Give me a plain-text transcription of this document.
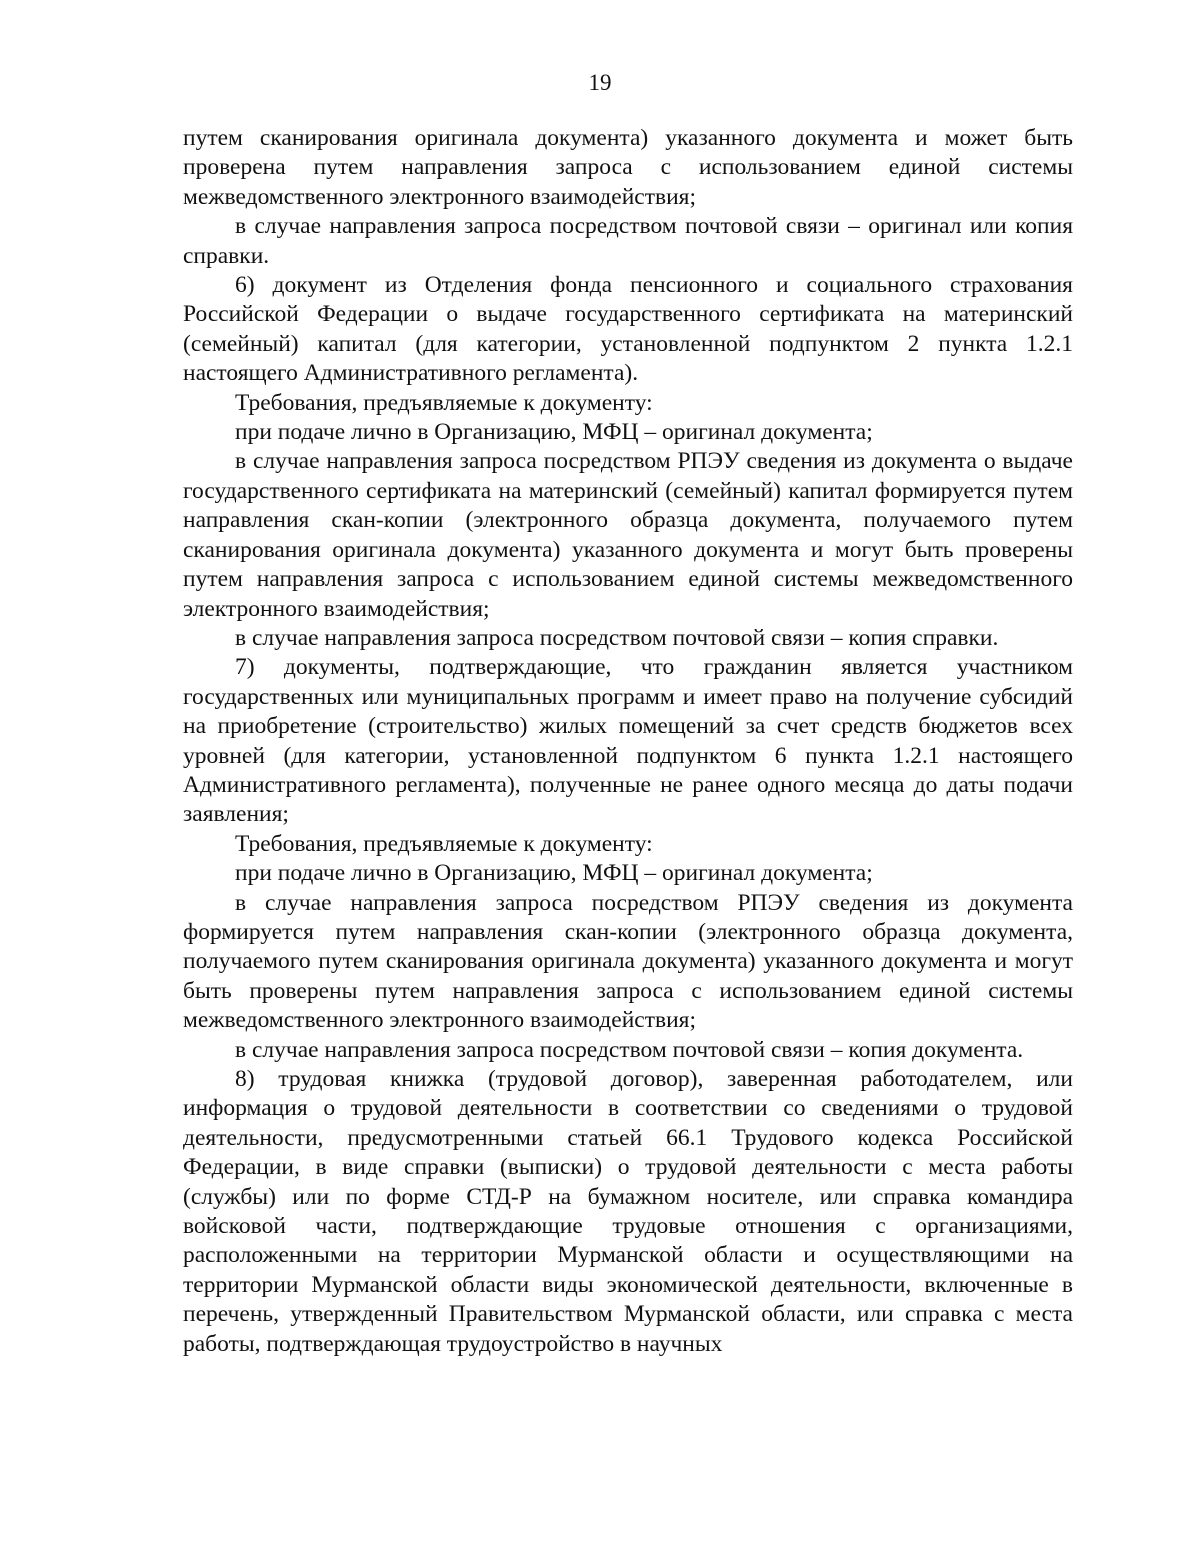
19

путем сканирования оригинала документа) указанного документа и может быть проверена путем направления запроса с использованием единой системы межведомственного электронного взаимодействия;

в случае направления запроса посредством почтовой связи – оригинал или копия справки.

6) документ из Отделения фонда пенсионного и социального страхования Российской Федерации о выдаче государственного сертификата на материнский (семейный) капитал (для категории, установленной подпунктом 2 пункта 1.2.1 настоящего Административного регламента).

Требования, предъявляемые к документу:

при подаче лично в Организацию, МФЦ – оригинал документа;

в случае направления запроса посредством РПЭУ сведения из документа о выдаче государственного сертификата на материнский (семейный) капитал формируется путем направления скан-копии (электронного образца документа, получаемого путем сканирования оригинала документа) указанного документа и могут быть проверены путем направления запроса с использованием единой системы межведомственного электронного взаимодействия;

в случае направления запроса посредством почтовой связи – копия справки.

7) документы, подтверждающие, что гражданин является участником государственных или муниципальных программ и имеет право на получение субсидий на приобретение (строительство) жилых помещений за счет средств бюджетов всех уровней (для категории, установленной подпунктом 6 пункта 1.2.1 настоящего Административного регламента), полученные не ранее одного месяца до даты подачи заявления;

Требования, предъявляемые к документу:

при подаче лично в Организацию, МФЦ – оригинал документа;

в случае направления запроса посредством РПЭУ сведения из документа формируется путем направления скан-копии (электронного образца документа, получаемого путем сканирования оригинала документа) указанного документа и могут быть проверены путем направления запроса с использованием единой системы межведомственного электронного взаимодействия;

в случае направления запроса посредством почтовой связи – копия документа.

8) трудовая книжка (трудовой договор), заверенная работодателем, или информация о трудовой деятельности в соответствии со сведениями о трудовой деятельности, предусмотренными статьей 66.1 Трудового кодекса Российской Федерации, в виде справки (выписки) о трудовой деятельности с места работы (службы) или по форме СТД-Р на бумажном носителе, или справка командира войсковой части, подтверждающие трудовые отношения с организациями, расположенными на территории Мурманской области и осуществляющими на территории Мурманской области виды экономической деятельности, включенные в перечень, утвержденный Правительством Мурманской области, или справка с места работы, подтверждающая трудоустройство в научных
